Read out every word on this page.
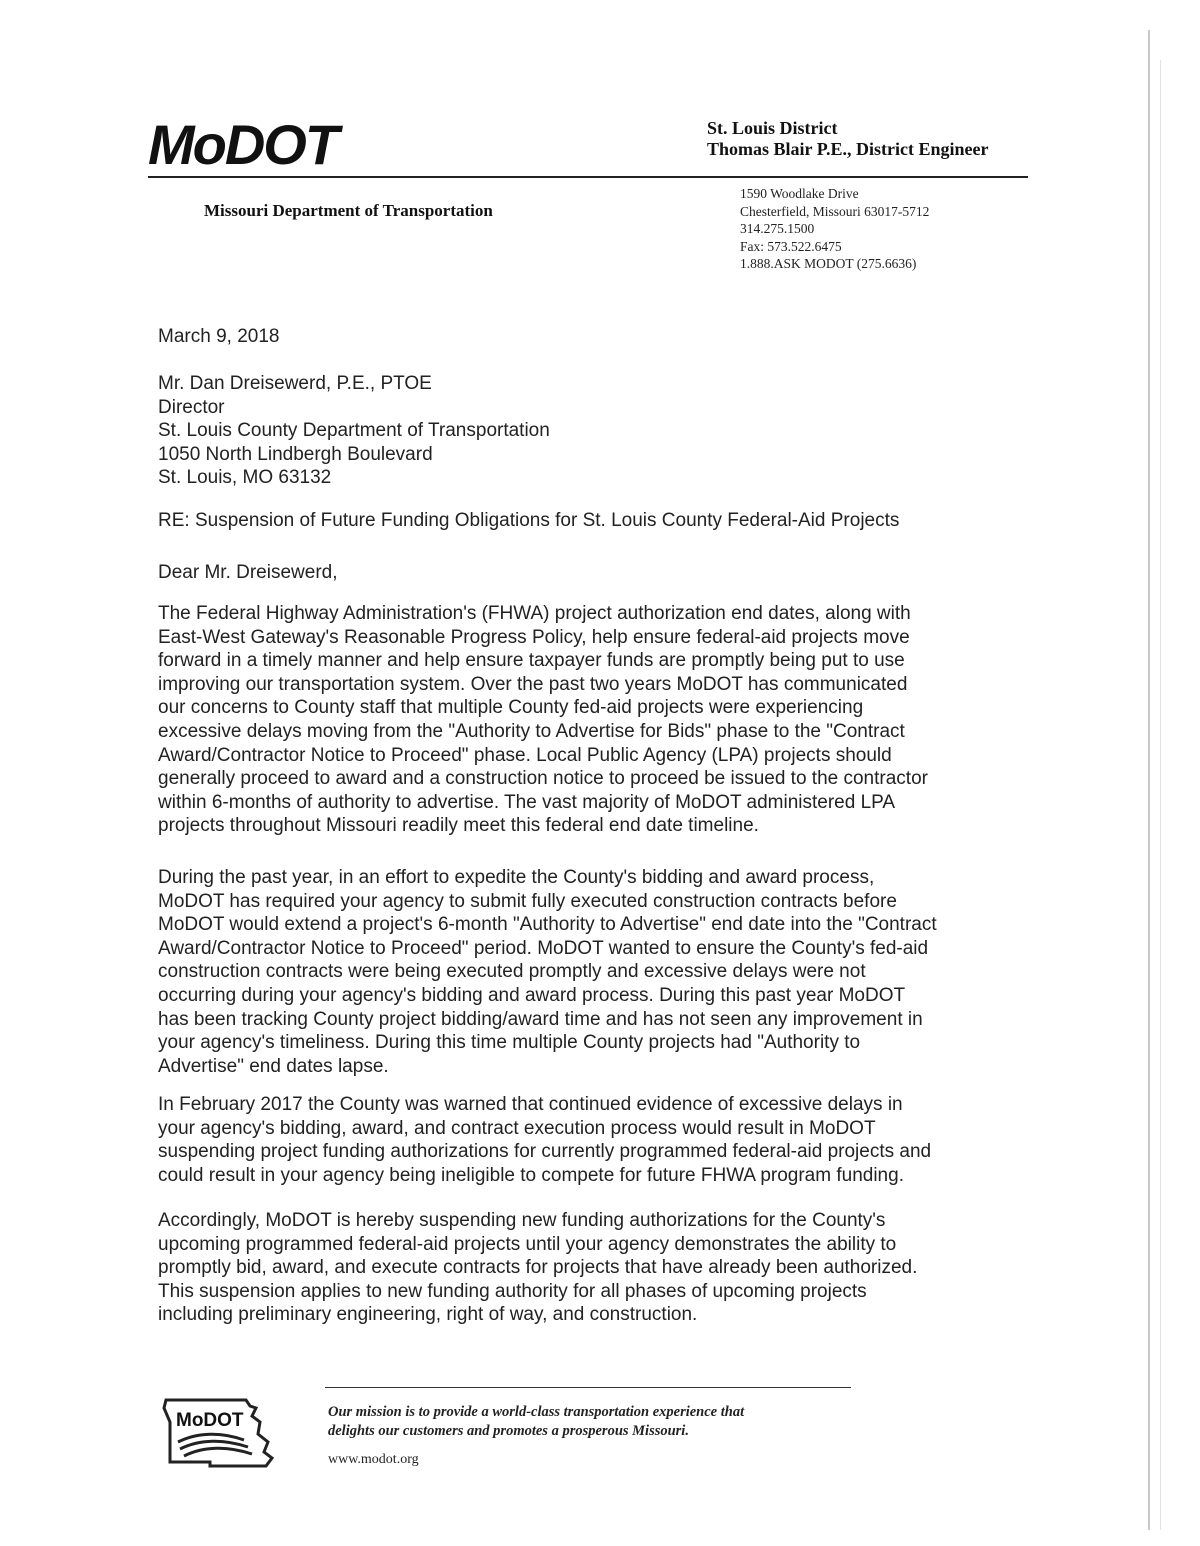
MoDOT	St. Louis District
Thomas Blair P.E., District Engineer
Missouri Department of Transportation
1590 Woodlake Drive
Chesterfield, Missouri 63017-5712
314.275.1500
Fax: 573.522.6475
1.888.ASK MODOT (275.6636)
March 9, 2018
Mr. Dan Dreisewerd, P.E., PTOE
Director
St. Louis County Department of Transportation
1050 North Lindbergh Boulevard
St. Louis, MO 63132
RE: Suspension of Future Funding Obligations for St. Louis County Federal-Aid Projects
Dear Mr. Dreisewerd,
The Federal Highway Administration's (FHWA) project authorization end dates, along with
East-West Gateway's Reasonable Progress Policy, help ensure federal-aid projects move
forward in a timely manner and help ensure taxpayer funds are promptly being put to use
improving our transportation system. Over the past two years MoDOT has communicated
our concerns to County staff that multiple County fed-aid projects were experiencing
excessive delays moving from the "Authority to Advertise for Bids" phase to the "Contract
Award/Contractor Notice to Proceed" phase. Local Public Agency (LPA) projects should
generally proceed to award and a construction notice to proceed be issued to the contractor
within 6-months of authority to advertise. The vast majority of MoDOT administered LPA
projects throughout Missouri readily meet this federal end date timeline.
During the past year, in an effort to expedite the County's bidding and award process,
MoDOT has required your agency to submit fully executed construction contracts before
MoDOT would extend a project's 6-month "Authority to Advertise" end date into the "Contract
Award/Contractor Notice to Proceed" period. MoDOT wanted to ensure the County's fed-aid
construction contracts were being executed promptly and excessive delays were not
occurring during your agency's bidding and award process. During this past year MoDOT
has been tracking County project bidding/award time and has not seen any improvement in
your agency's timeliness. During this time multiple County projects had "Authority to
Advertise" end dates lapse.
In February 2017 the County was warned that continued evidence of excessive delays in
your agency's bidding, award, and contract execution process would result in MoDOT
suspending project funding authorizations for currently programmed federal-aid projects and
could result in your agency being ineligible to compete for future FHWA program funding.
Accordingly, MoDOT is hereby suspending new funding authorizations for the County's
upcoming programmed federal-aid projects until your agency demonstrates the ability to
promptly bid, award, and execute contracts for projects that have already been authorized.
This suspension applies to new funding authority for all phases of upcoming projects
including preliminary engineering, right of way, and construction.
MoDOT	Our mission is to provide a world-class transportation experience that
delights our customers and promotes a prosperous Missouri.
www.modot.org
